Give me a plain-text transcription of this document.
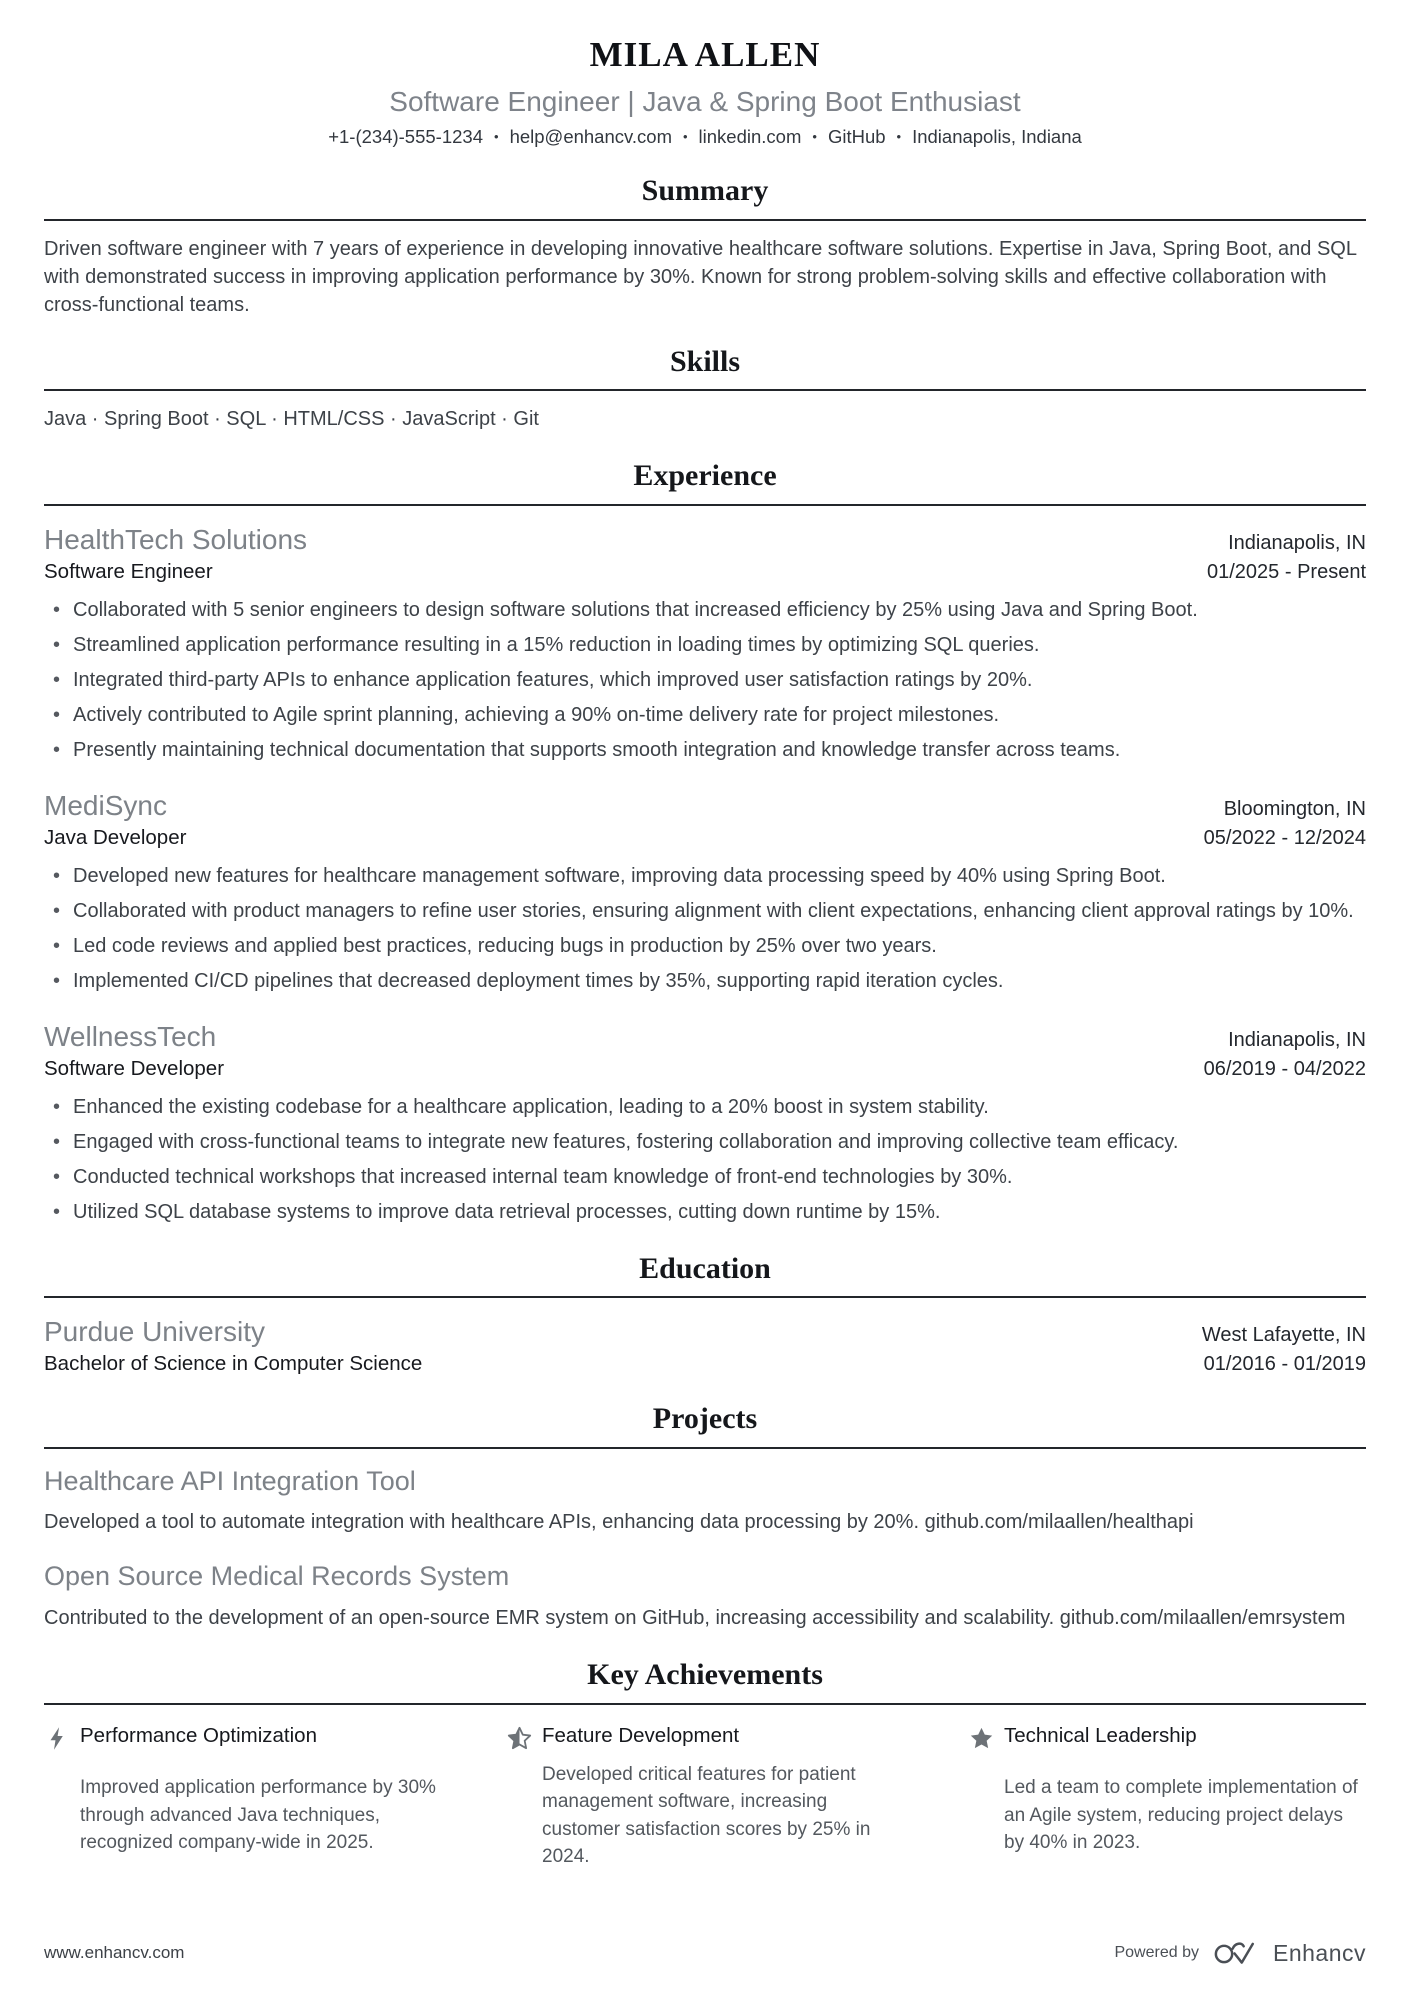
MILA ALLEN
Software Engineer | Java & Spring Boot Enthusiast
+1-(234)-555-1234 • help@enhancv.com • linkedin.com • GitHub • Indianapolis, Indiana
Summary

Driven software engineer with 7 years of experience in developing innovative healthcare software solutions. Expertise in Java, Spring Boot, and SQL with demonstrated success in improving application performance by 30%. Known for strong problem-solving skills and effective collaboration with cross-functional teams.

Skills

Java · Spring Boot · SQL · HTML/CSS · JavaScript · Git

Experience
HealthTech Solutions	Indianapolis, IN
Software Engineer	01/2025 - Present
• Collaborated with 5 senior engineers to design software solutions that increased efficiency by 25% using Java and Spring Boot.
• Streamlined application performance resulting in a 15% reduction in loading times by optimizing SQL queries.
• Integrated third-party APIs to enhance application features, which improved user satisfaction ratings by 20%.
• Actively contributed to Agile sprint planning, achieving a 90% on-time delivery rate for project milestones.
• Presently maintaining technical documentation that supports smooth integration and knowledge transfer across teams.
MediSync	Bloomington, IN
Java Developer	05/2022 - 12/2024
• Developed new features for healthcare management software, improving data processing speed by 40% using Spring Boot.
• Collaborated with product managers to refine user stories, ensuring alignment with client expectations, enhancing client approval ratings by 10%.
• Led code reviews and applied best practices, reducing bugs in production by 25% over two years.
• Implemented CI/CD pipelines that decreased deployment times by 35%, supporting rapid iteration cycles.
WellnessTech	Indianapolis, IN
Software Developer	06/2019 - 04/2022
• Enhanced the existing codebase for a healthcare application, leading to a 20% boost in system stability.
• Engaged with cross-functional teams to integrate new features, fostering collaboration and improving collective team efficacy.
• Conducted technical workshops that increased internal team knowledge of front-end technologies by 30%.
• Utilized SQL database systems to improve data retrieval processes, cutting down runtime by 15%.
Education
Purdue University	West Lafayette, IN
Bachelor of Science in Computer Science	01/2016 - 01/2019
Projects
Healthcare API Integration Tool

Developed a tool to automate integration with healthcare APIs, enhancing data processing by 20%. github.com/milaallen/healthapi

Open Source Medical Records System

Contributed to the development of an open-source EMR system on GitHub, increasing accessibility and scalability. github.com/milaallen/emrsystem

Key Achievements
Performance Optimization
Improved application performance by 30% through advanced Java techniques, recognized company-wide in 2025.
Feature Development
Developed critical features for patient management software, increasing customer satisfaction scores by 25% in 2024.
Technical Leadership
Led a team to complete implementation of an Agile system, reducing project delays by 40% in 2023.
www.enhancv.com	Powered by	Enhancv
